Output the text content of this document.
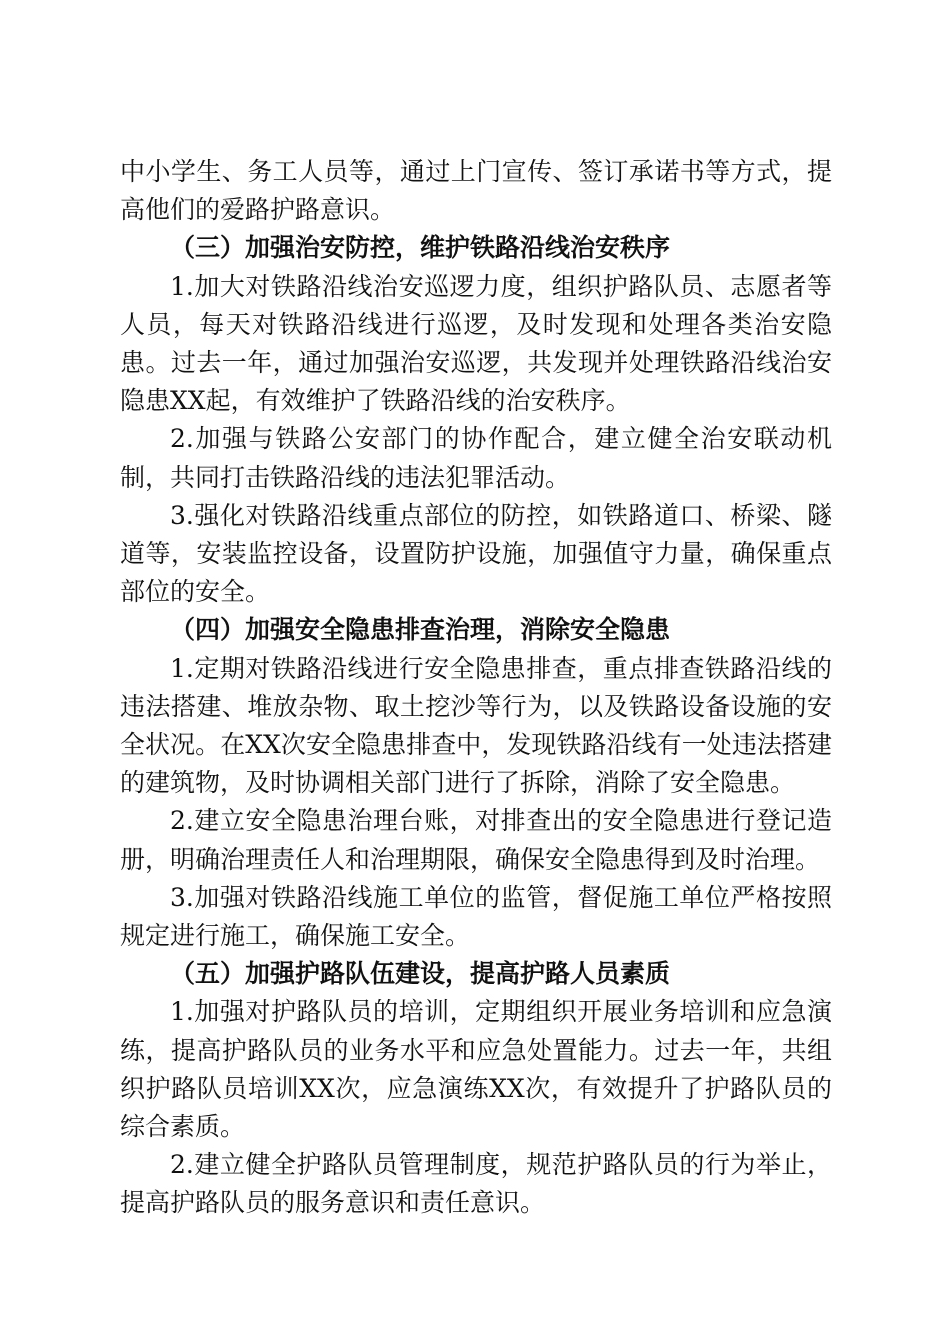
中小学生、务工人员等，通过上门宣传、签订承诺书等方式，提高他们的爱路护路意识。

（三）加强治安防控，维护铁路沿线治安秩序

1.加大对铁路沿线治安巡逻力度，组织护路队员、志愿者等人员，每天对铁路沿线进行巡逻，及时发现和处理各类治安隐患。过去一年，通过加强治安巡逻，共发现并处理铁路沿线治安隐患XX起，有效维护了铁路沿线的治安秩序。

2.加强与铁路公安部门的协作配合，建立健全治安联动机制，共同打击铁路沿线的违法犯罪活动。

3.强化对铁路沿线重点部位的防控，如铁路道口、桥梁、隧道等，安装监控设备，设置防护设施，加强值守力量，确保重点部位的安全。

（四）加强安全隐患排查治理，消除安全隐患

1.定期对铁路沿线进行安全隐患排查，重点排查铁路沿线的违法搭建、堆放杂物、取土挖沙等行为，以及铁路设备设施的安全状况。在XX次安全隐患排查中，发现铁路沿线有一处违法搭建的建筑物，及时协调相关部门进行了拆除，消除了安全隐患。

2.建立安全隐患治理台账，对排查出的安全隐患进行登记造册，明确治理责任人和治理期限，确保安全隐患得到及时治理。

3.加强对铁路沿线施工单位的监管，督促施工单位严格按照规定进行施工，确保施工安全。

（五）加强护路队伍建设，提高护路人员素质

1.加强对护路队员的培训，定期组织开展业务培训和应急演练，提高护路队员的业务水平和应急处置能力。过去一年，共组织护路队员培训XX次，应急演练XX次，有效提升了护路队员的综合素质。

2.建立健全护路队员管理制度，规范护路队员的行为举止，提高护路队员的服务意识和责任意识。
